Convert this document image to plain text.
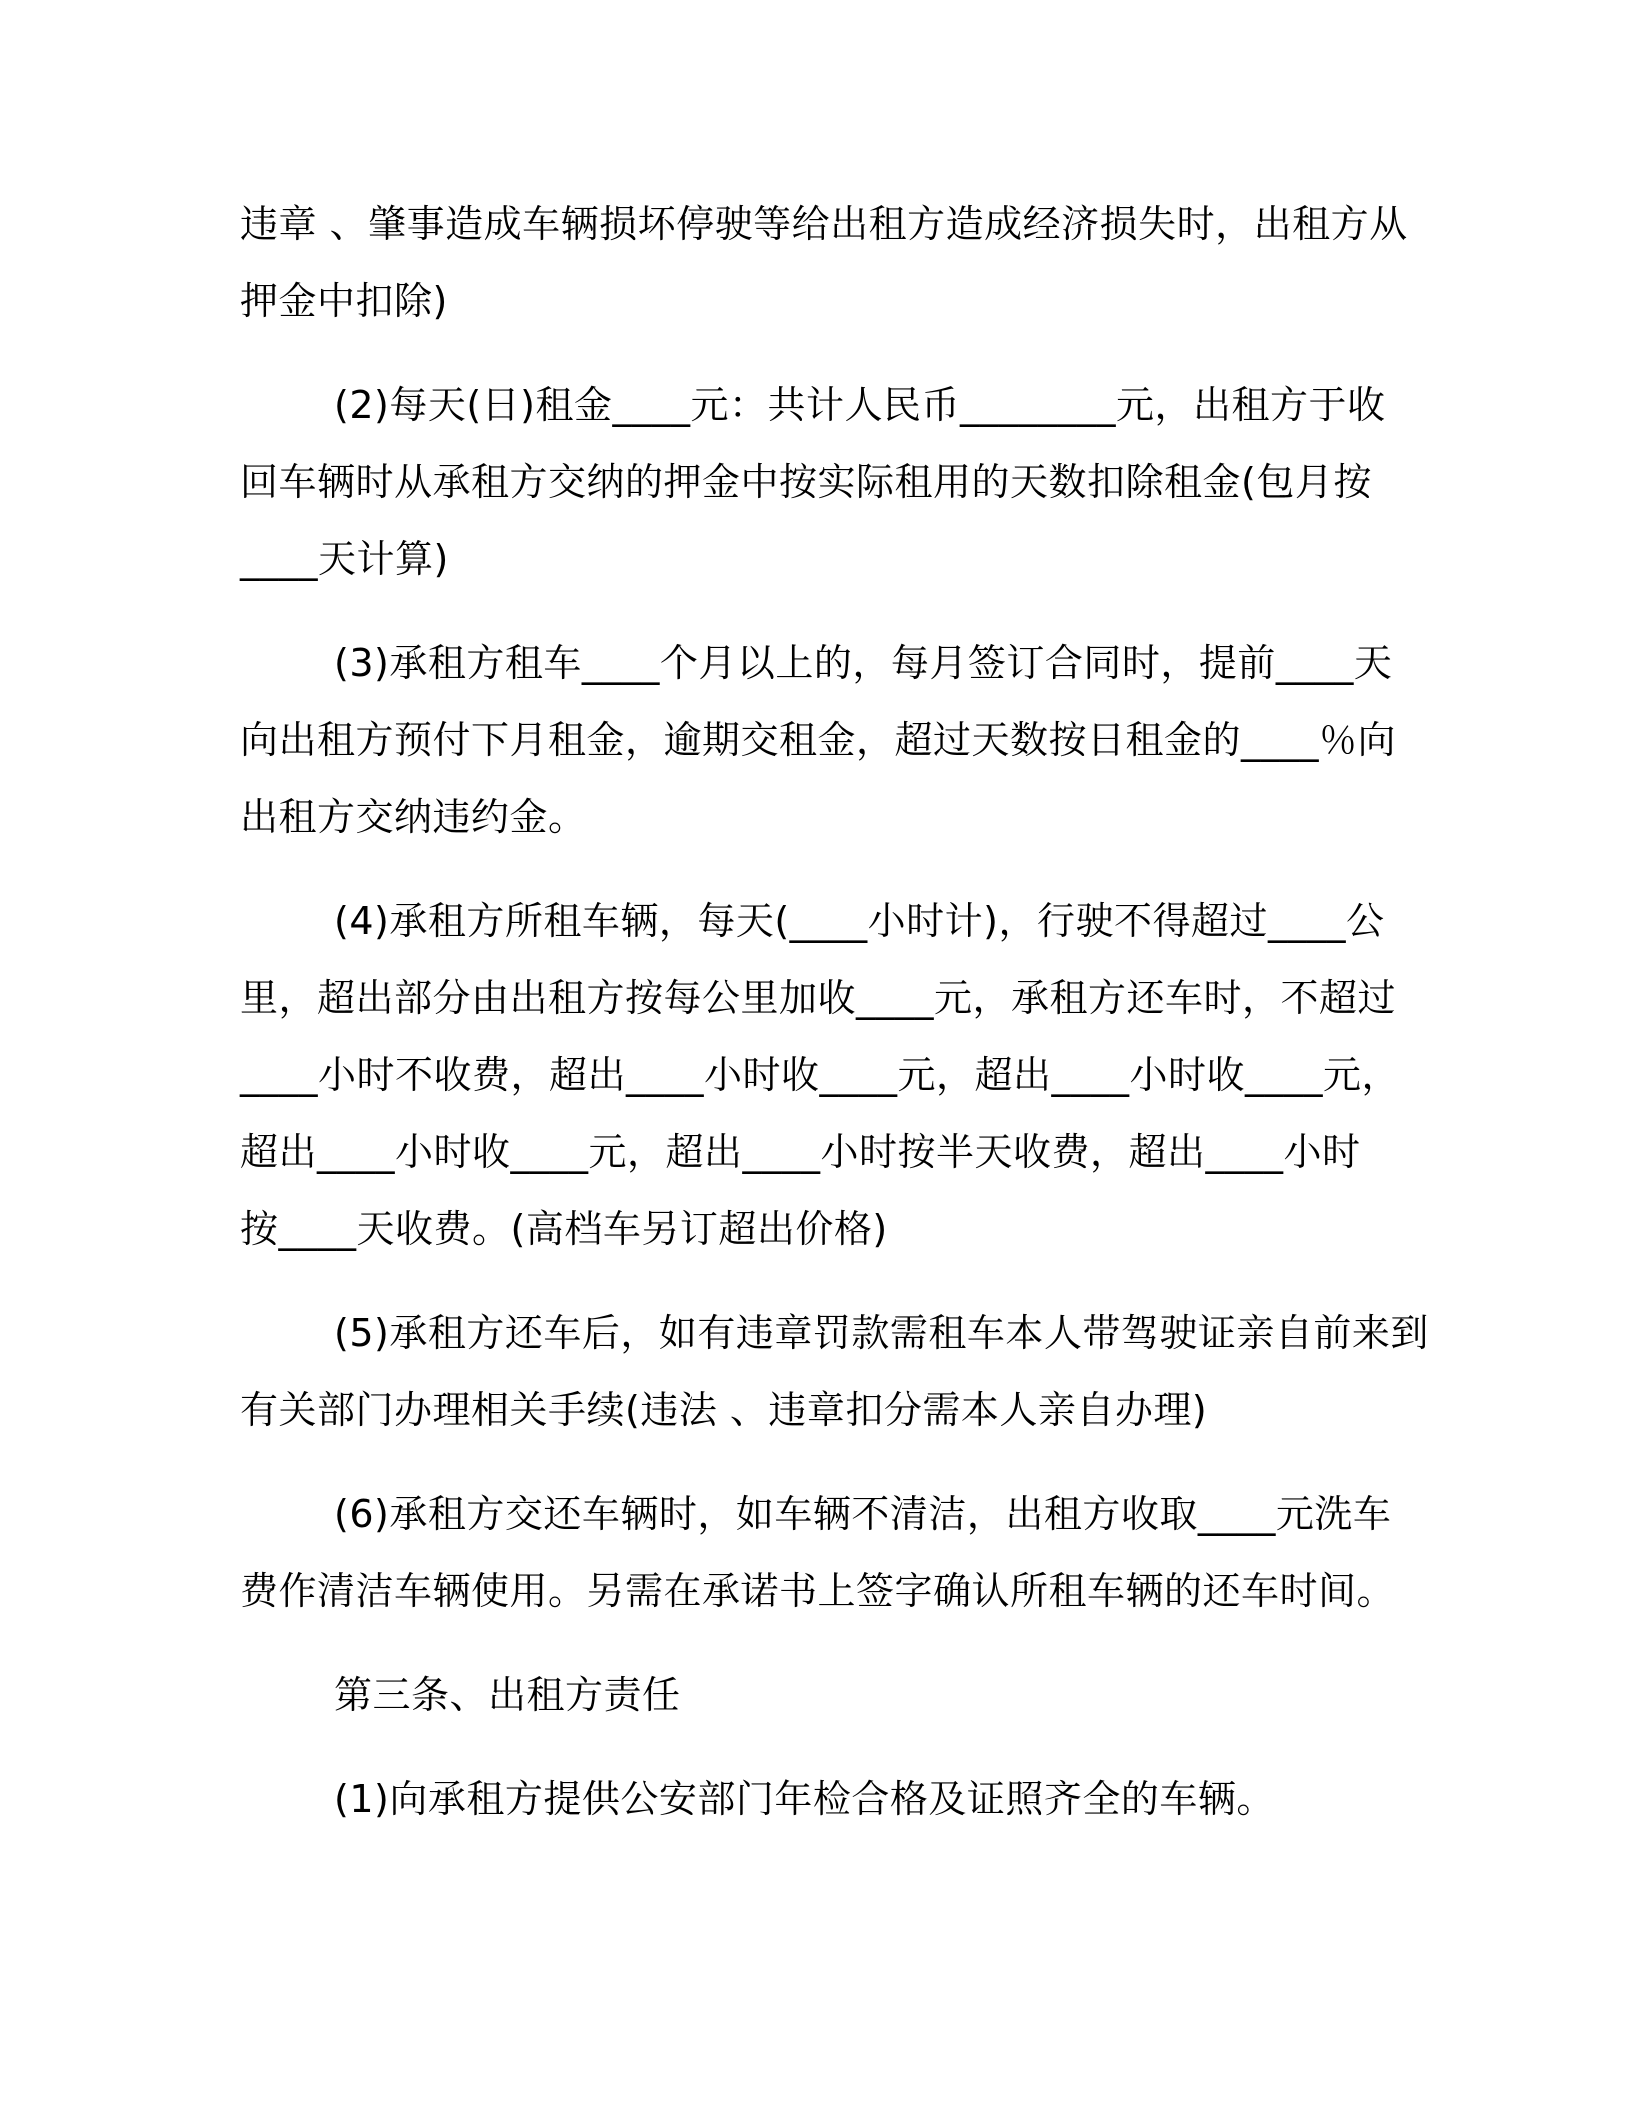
违章 、肇事造成车辆损坏停驶等给出租方造成经济损失时，出租方从
押金中扣除)
(2)每天(日)租金____元：共计人民币________元，出租方于收
回车辆时从承租方交纳的押金中按实际租用的天数扣除租金(包月按
____天计算)
(3)承租方租车____个月以上的，每月签订合同时，提前____天
向出租方预付下月租金，逾期交租金，超过天数按日租金的____％向
出租方交纳违约金。
(4)承租方所租车辆，每天(____小时计)，行驶不得超过____公
里，超出部分由出租方按每公里加收____元，承租方还车时，不超过
____小时不收费，超出____小时收____元，超出____小时收____元，
超出____小时收____元，超出____小时按半天收费，超出____小时
按____天收费。(高档车另订超出价格)
(5)承租方还车后，如有违章罚款需租车本人带驾驶证亲自前来到
有关部门办理相关手续(违法 、违章扣分需本人亲自办理)
(6)承租方交还车辆时，如车辆不清洁，出租方收取____元洗车
费作清洁车辆使用。另需在承诺书上签字确认所租车辆的还车时间。
第三条、出租方责任
(1)向承租方提供公安部门年检合格及证照齐全的车辆。
